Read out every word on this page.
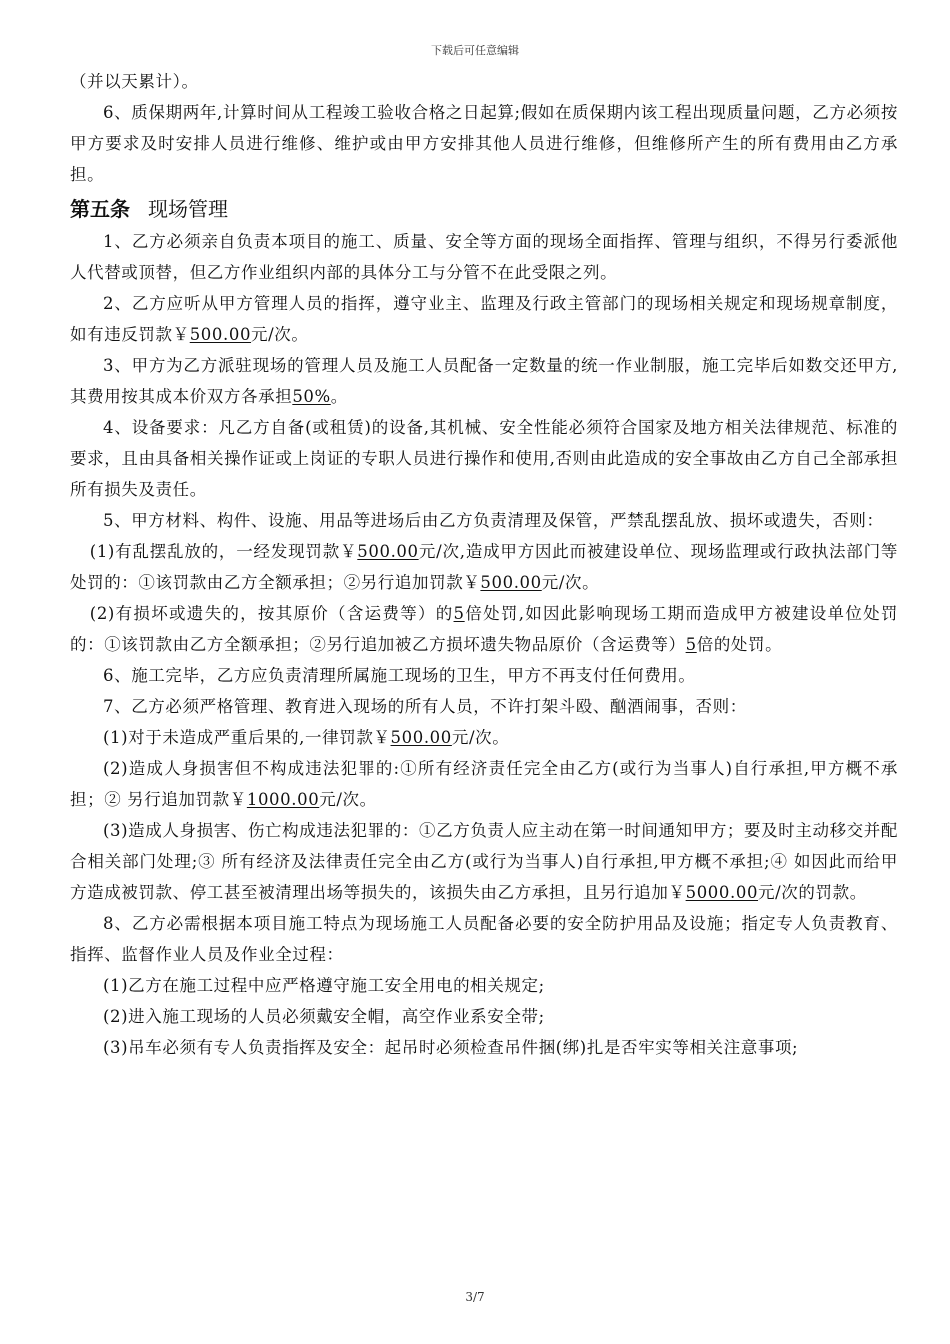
下载后可任意编辑

（并以天累计）。

6、质保期两年,计算时间从工程竣工验收合格之日起算;假如在质保期内该工程出现质量问题，乙方必须按甲方要求及时安排人员进行维修、维护或由甲方安排其他人员进行维修，但维修所产生的所有费用由乙方承担。

第五条 现场管理

1、乙方必须亲自负责本项目的施工、质量、安全等方面的现场全面指挥、管理与组织，不得另行委派他人代替或顶替，但乙方作业组织内部的具体分工与分管不在此受限之列。

2、乙方应听从甲方管理人员的指挥，遵守业主、监理及行政主管部门的现场相关规定和现场规章制度，如有违反罚款￥500.00元/次。

3、甲方为乙方派驻现场的管理人员及施工人员配备一定数量的统一作业制服，施工完毕后如数交还甲方,其费用按其成本价双方各承担50%。

4、设备要求：凡乙方自备(或租赁)的设备,其机械、安全性能必须符合国家及地方相关法律规范、标准的要求，且由具备相关操作证或上岗证的专职人员进行操作和使用,否则由此造成的安全事故由乙方自己全部承担所有损失及责任。

5、甲方材料、构件、设施、用品等进场后由乙方负责清理及保管，严禁乱摆乱放、损坏或遗失，否则：

(1)有乱摆乱放的，一经发现罚款￥500.00元/次,造成甲方因此而被建设单位、现场监理或行政执法部门等处罚的：①该罚款由乙方全额承担；②另行追加罚款￥500.00元/次。

(2)有损坏或遗失的，按其原价（含运费等）的5倍处罚,如因此影响现场工期而造成甲方被建设单位处罚的：①该罚款由乙方全额承担；②另行追加被乙方损坏遗失物品原价（含运费等）5倍的处罚。

6、施工完毕，乙方应负责清理所属施工现场的卫生，甲方不再支付任何费用。

7、乙方必须严格管理、教育进入现场的所有人员，不许打架斗殴、酗酒闹事，否则：

(1)对于未造成严重后果的,一律罚款￥500.00元/次。

(2)造成人身损害但不构成违法犯罪的:①所有经济责任完全由乙方(或行为当事人)自行承担,甲方概不承担；② 另行追加罚款￥1000.00元/次。

(3)造成人身损害、伤亡构成违法犯罪的：①乙方负责人应主动在第一时间通知甲方；要及时主动移交并配合相关部门处理;③ 所有经济及法律责任完全由乙方(或行为当事人)自行承担,甲方概不承担;④ 如因此而给甲方造成被罚款、停工甚至被清理出场等损失的，该损失由乙方承担，且另行追加￥5000.00元/次的罚款。

8、乙方必需根据本项目施工特点为现场施工人员配备必要的安全防护用品及设施；指定专人负责教育、指挥、监督作业人员及作业全过程：

(1)乙方在施工过程中应严格遵守施工安全用电的相关规定;

(2)进入施工现场的人员必须戴安全帽，高空作业系安全带;

(3)吊车必须有专人负责指挥及安全：起吊时必须检查吊件捆(绑)扎是否牢实等相关注意事项;

3/7
